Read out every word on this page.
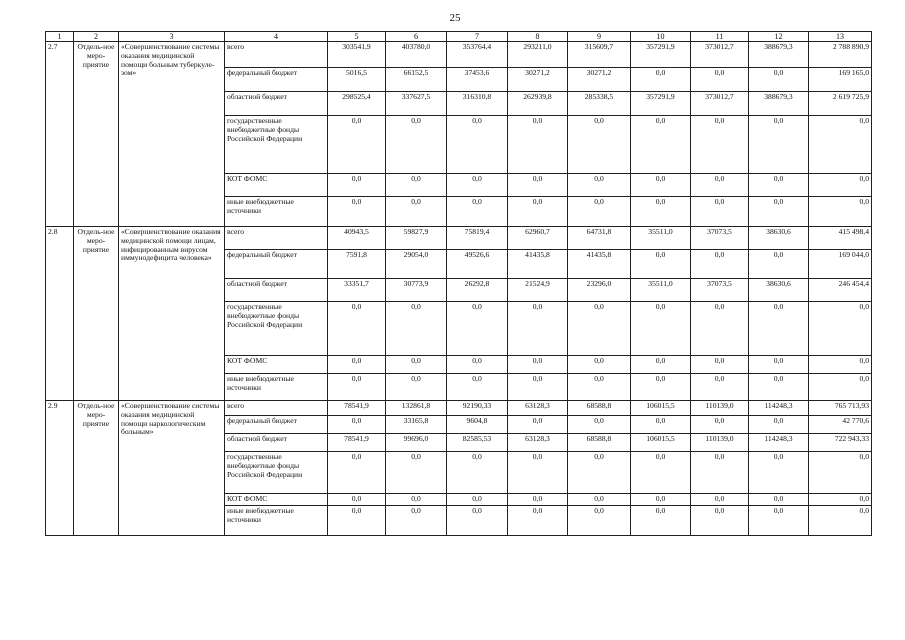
25
1	2	3	4	5	6	7	8	9	10	11	12	13
2.7	Отдель-ное меро-приятие	«Совершенствование системы оказания медицинской помощи больным туберкуле-зом»	всего	303541,9	403780,0	353764,4	293211,0	315609,7	357291,9	373012,7	388679,3	2 788 890,9
			федеральный бюджет	5016,5	66152,5	37453,6	30271,2	30271,2	0,0	0,0	0,0	169 165,0
			областной бюджет	298525,4	337627,5	316310,8	262939,8	285338,5	357291,9	373012,7	388679,3	2 619 725,9
			государственные внебюджетные фонды Российской Федерации	0,0	0,0	0,0	0,0	0,0	0,0	0,0	0,0	0,0
			КОТ ФОМС	0,0	0,0	0,0	0,0	0,0	0,0	0,0	0,0	0,0
			иные внебюджетные источники	0,0	0,0	0,0	0,0	0,0	0,0	0,0	0,0	0,0
2.8	Отдель-ное меро-приятие	«Совершенствование оказания медицинской помощи лицам, инфицированным вирусом иммунодефицита человека»	всего	40943,5	59827,9	75819,4	62960,7	64731,8	35511,0	37073,5	38630,6	415 498,4
			федеральный бюджет	7591,8	29054,0	49526,6	41435,8	41435,8	0,0	0,0	0,0	169 044,0
			областной бюджет	33351,7	30773,9	26292,8	21524,9	23296,0	35511,0	37073,5	38630,6	246 454,4
			государственные внебюджетные фонды Российской Федерации	0,0	0,0	0,0	0,0	0,0	0,0	0,0	0,0	0,0
			КОТ ФОМС	0,0	0,0	0,0	0,0	0,0	0,0	0,0	0,0	0,0
			иные внебюджетные источники	0,0	0,0	0,0	0,0	0,0	0,0	0,0	0,0	0,0
2.9	Отдель-ное меро-приятие	«Совершенствование системы оказания медицинской помощи наркологическим больным»	всего	78541,9	132861,8	92190,33	63128,3	68588,8	106015,5	110139,0	114248,3	765 713,93
			федеральный бюджет	0,0	33165,8	9604,8	0,0	0,0	0,0	0,0	0,0	42 770,6
			областной бюджет	78541,9	99696,0	82585,53	63128,3	68588,8	106015,5	110139,0	114248,3	722 943,33
			государственные внебюджетные фонды Российской Федерации	0,0	0,0	0,0	0,0	0,0	0,0	0,0	0,0	0,0
			КОТ ФОМС	0,0	0,0	0,0	0,0	0,0	0,0	0,0	0,0	0,0
			иные внебюджетные источники	0,0	0,0	0,0	0,0	0,0	0,0	0,0	0,0	0,0
